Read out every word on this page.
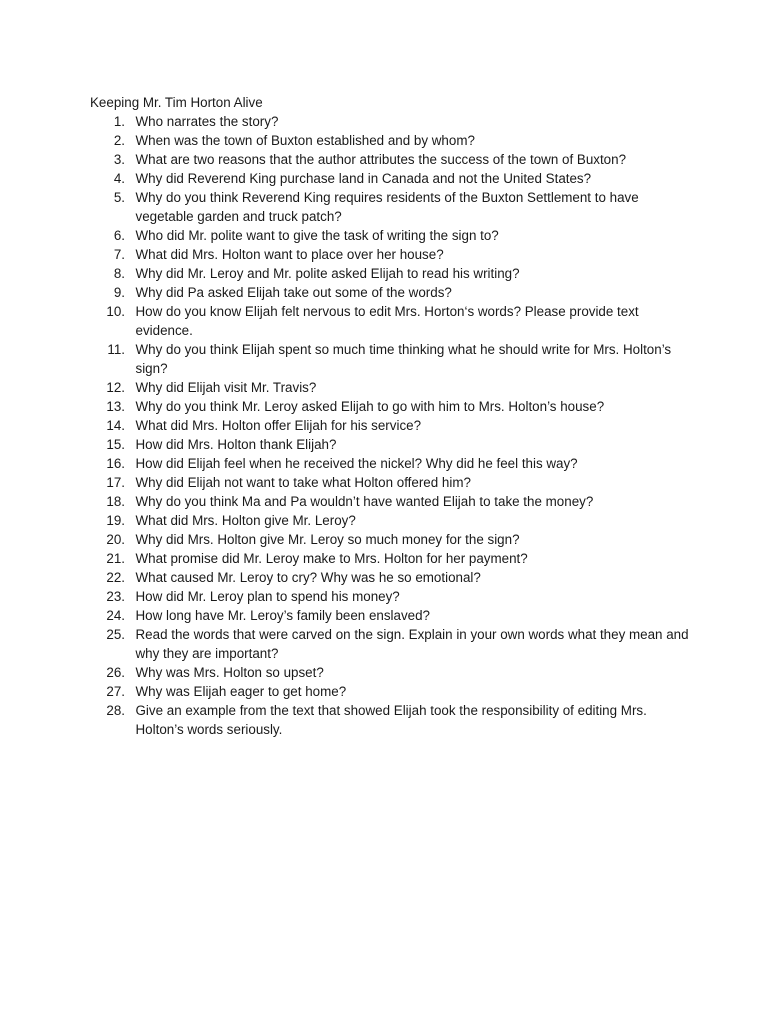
Keeping Mr. Tim Horton Alive
1. Who narrates the story?
2. When was the town of Buxton established and by whom?
3. What are two reasons that the author attributes the success of the town of Buxton?
4. Why did Reverend King purchase land in Canada and not the United States?
5. Why do you think Reverend King requires residents of the Buxton Settlement to have vegetable garden and truck patch?
6. Who did Mr. polite want to give the task of writing the sign to?
7. What did Mrs. Holton want to place over her house?
8. Why did Mr. Leroy and Mr. polite asked Elijah to read his writing?
9. Why did Pa asked Elijah take out some of the words?
10. How do you know Elijah felt nervous to edit Mrs. Horton‘s words? Please provide text evidence.
11. Why do you think Elijah spent so much time thinking what he should write for Mrs. Holton’s sign?
12. Why did Elijah visit Mr. Travis?
13. Why do you think Mr. Leroy asked Elijah to go with him to Mrs. Holton’s house?
14. What did Mrs. Holton offer Elijah for his service?
15. How did Mrs. Holton thank Elijah?
16. How did Elijah feel when he received the nickel? Why did he feel this way?
17. Why did Elijah not want to take what Holton offered him?
18. Why do you think Ma and Pa wouldn’t have wanted Elijah to take the money?
19. What did Mrs. Holton give Mr. Leroy?
20. Why did Mrs. Holton give Mr. Leroy so much money for the sign?
21. What promise did Mr. Leroy make to Mrs. Holton for her payment?
22. What caused Mr. Leroy to cry? Why was he so emotional?
23. How did Mr. Leroy plan to spend his money?
24. How long have Mr. Leroy’s family been enslaved?
25. Read the words that were carved on the sign. Explain in your own words what they mean and why they are important?
26. Why was Mrs. Holton so upset?
27. Why was Elijah eager to get home?
28. Give an example from the text that showed Elijah took the responsibility of editing Mrs. Holton’s words seriously.
